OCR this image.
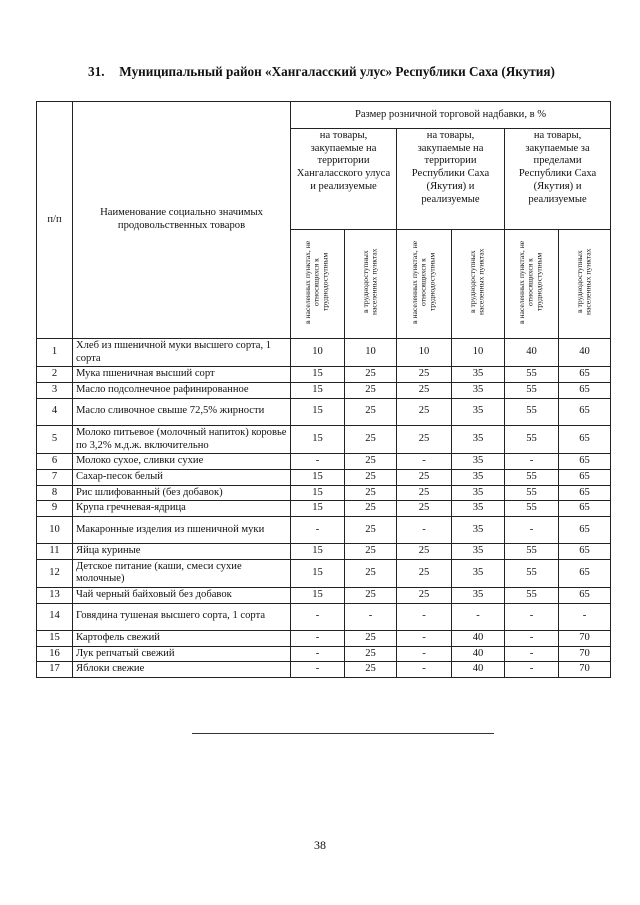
31. Муниципальный район «Хангаласский улус» Республики Саха (Якутия)
п/п	Наименование социально значимых продовольственных товаров	Размер розничной торговой надбавки, в %					
		на товары, закупаемые на территории Хангаласского улуса и реализуемые		на товары, закупаемые на территории Республики Саха (Якутия) и реализуемые		на товары, закупаемые за пределами Республики Саха (Якутия) и реализуемые	
		в населенных пунктах, не относящихся к труднодоступным	в труднодоступных населенных пунктах	в населенных пунктах, не относящихся к труднодоступным	в труднодоступных населенных пунктах	в населенных пунктах, не относящихся к труднодоступным	в труднодоступных населенных пунктах
1	Хлеб из пшеничной муки высшего сорта, 1 сорта	10	10	10	10	40	40
2	Мука пшеничная высший сорт	15	25	25	35	55	65
3	Масло подсолнечное рафинированное	15	25	25	35	55	65
4	Масло сливочное свыше 72,5% жирности	15	25	25	35	55	65
5	Молоко питьевое (молочный напиток) коровье по 3,2% м.д.ж. включительно	15	25	25	35	55	65
6	Молоко сухое, сливки сухие	-	25	-	35	-	65
7	Сахар-песок белый	15	25	25	35	55	65
8	Рис шлифованный (без добавок)	15	25	25	35	55	65
9	Крупа гречневая-ядрица	15	25	25	35	55	65
10	Макаронные изделия из пшеничной муки	-	25	-	35	-	65
11	Яйца куриные	15	25	25	35	55	65
12	Детское питание (каши, смеси сухие молочные)	15	25	25	35	55	65
13	Чай черный байховый без добавок	15	25	25	35	55	65
14	Говядина тушеная высшего сорта, 1 сорта	-	-	-	-	-	-
15	Картофель свежий	-	25	-	40	-	70
16	Лук репчатый свежий	-	25	-	40	-	70
17	Яблоки свежие	-	25	-	40	-	70
38
